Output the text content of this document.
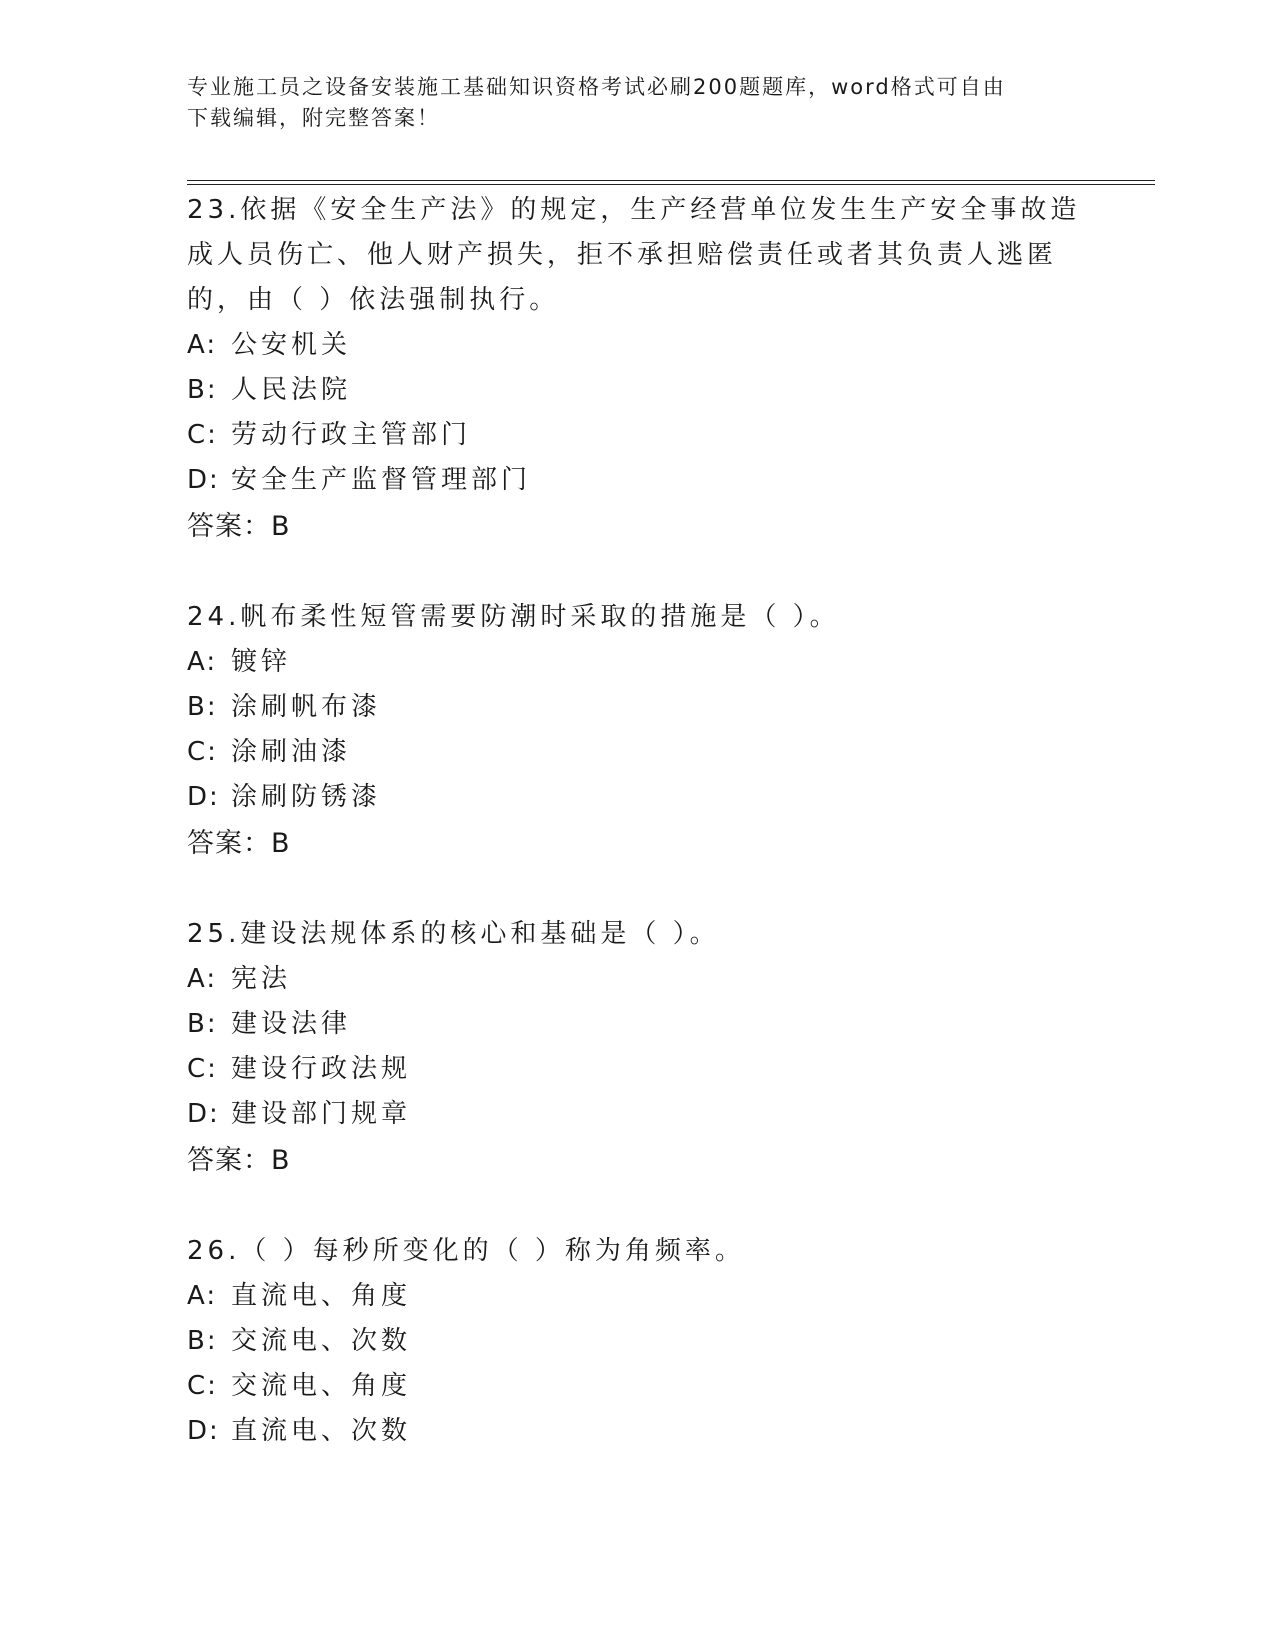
专业施工员之设备安装施工基础知识资格考试必刷200题题库，word格式可自由
下载编辑，附完整答案！

23.依据《安全生产法》的规定，生产经营单位发生生产安全事故造成人员伤亡、他人财产损失，拒不承担赔偿责任或者其负责人逃匿的，由（ ）依法强制执行。

A: 公安机关

B: 人民法院

C: 劳动行政主管部门

D: 安全生产监督管理部门

答案：B

24.帆布柔性短管需要防潮时采取的措施是（ ）。

A: 镀锌

B: 涂刷帆布漆

C: 涂刷油漆

D: 涂刷防锈漆

答案：B

25.建设法规体系的核心和基础是（ ）。

A: 宪法

B: 建设法律

C: 建设行政法规

D: 建设部门规章

答案：B

26.（ ）每秒所变化的（ ）称为角频率。

A: 直流电、角度

B: 交流电、次数

C: 交流电、角度

D: 直流电、次数
